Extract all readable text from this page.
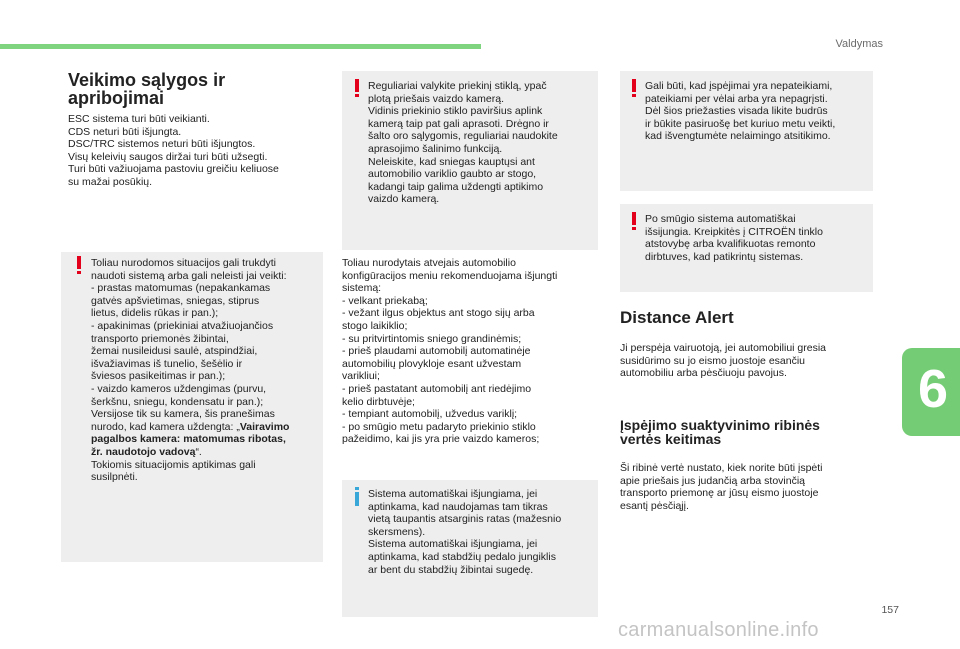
Valdymas
Veikimo sąlygos ir apribojimai
ESC sistema turi būti veikianti.
CDS neturi būti išjungta.
DSC/TRC sistemos neturi būti išjungtos.
Visų keleivių saugos diržai turi būti užsegti.
Turi būti važiuojama pastoviu greičiu keliuose
su mažai posūkių.
Toliau nurodomos situacijos gali trukdyti
naudoti sistemą arba gali neleisti jai veikti:
- prastas matomumas (nepakankamas
gatvės apšvietimas, sniegas, stiprus
lietus, didelis rūkas ir pan.);
- apakinimas (priekiniai atvažiuojančios
transporto priemonės žibintai,
žemai nusileidusi saulė, atspindžiai,
išvažiavimas iš tunelio, šešėlio ir
šviesos pasikeitimas ir pan.);
- vaizdo kameros uždengimas (purvu,
šerkšnu, sniegu, kondensatu ir pan.);
Versijose tik su kamera, šis pranešimas
nurodo, kad kamera uždengta: „Vairavimo
pagalbos kamera: matomumas ribotas,
žr. naudotojo vadovą“.
Tokiomis situacijomis aptikimas gali
susilpnėti.
Reguliariai valykite priekinį stiklą, ypač
plotą priešais vaizdo kamerą.
Vidinis priekinio stiklo paviršius aplink
kamerą taip pat gali aprasoti. Drėgno ir
šalto oro sąlygomis, reguliariai naudokite
aprasojimo šalinimo funkciją.
Neleiskite, kad sniegas kauptųsi ant
automobilio variklio gaubto ar stogo,
kadangi taip galima uždengti aptikimo
vaizdo kamerą.
Toliau nurodytais atvejais automobilio
konfigūracijos meniu rekomenduojama išjungti
sistemą:
- velkant priekabą;
- vežant ilgus objektus ant stogo sijų arba
stogo laikiklio;
- su pritvirtintomis sniego grandinėmis;
- prieš plaudami automobilį automatinėje
automobilių plovykloje esant užvestam
varikliui;
- prieš pastatant automobilį ant riedėjimo
kelio dirbtuvėje;
- tempiant automobilį, užvedus variklį;
- po smūgio metu padaryto priekinio stiklo
pažeidimo, kai jis yra prie vaizdo kameros;
Sistema automatiškai išjungiama, jei
aptinkama, kad naudojamas tam tikras
vietą taupantis atsarginis ratas (mažesnio
skersmens).
Sistema automatiškai išjungiama, jei
aptinkama, kad stabdžių pedalo jungiklis
ar bent du stabdžių žibintai sugedę.
Gali būti, kad įspėjimai yra nepateikiami,
pateikiami per vėlai arba yra nepagrįsti.
Dėl šios priežasties visada likite budrūs
ir būkite pasiruošę bet kuriuo metu veikti,
kad išvengtumėte nelaimingo atsitikimo.
Po smūgio sistema automatiškai
išsijungia. Kreipkitės į CITROËN tinklo
atstovybę arba kvalifikuotas remonto
dirbtuves, kad patikrintų sistemas.
Distance Alert
Ji perspėja vairuotoją, jei automobiliui gresia
susidūrimo su jo eismo juostoje esančiu
automobiliu arba pėsčiuoju pavojus.
Įspėjimo suaktyvinimo ribinės vertės keitimas
Ši ribinė vertė nustato, kiek norite būti įspėti
apie priešais jus judančią arba stovinčią
transporto priemonę ar jūsų eismo juostoje
esantį pėsčiąjį.
6
157
carmanualsonline.info
